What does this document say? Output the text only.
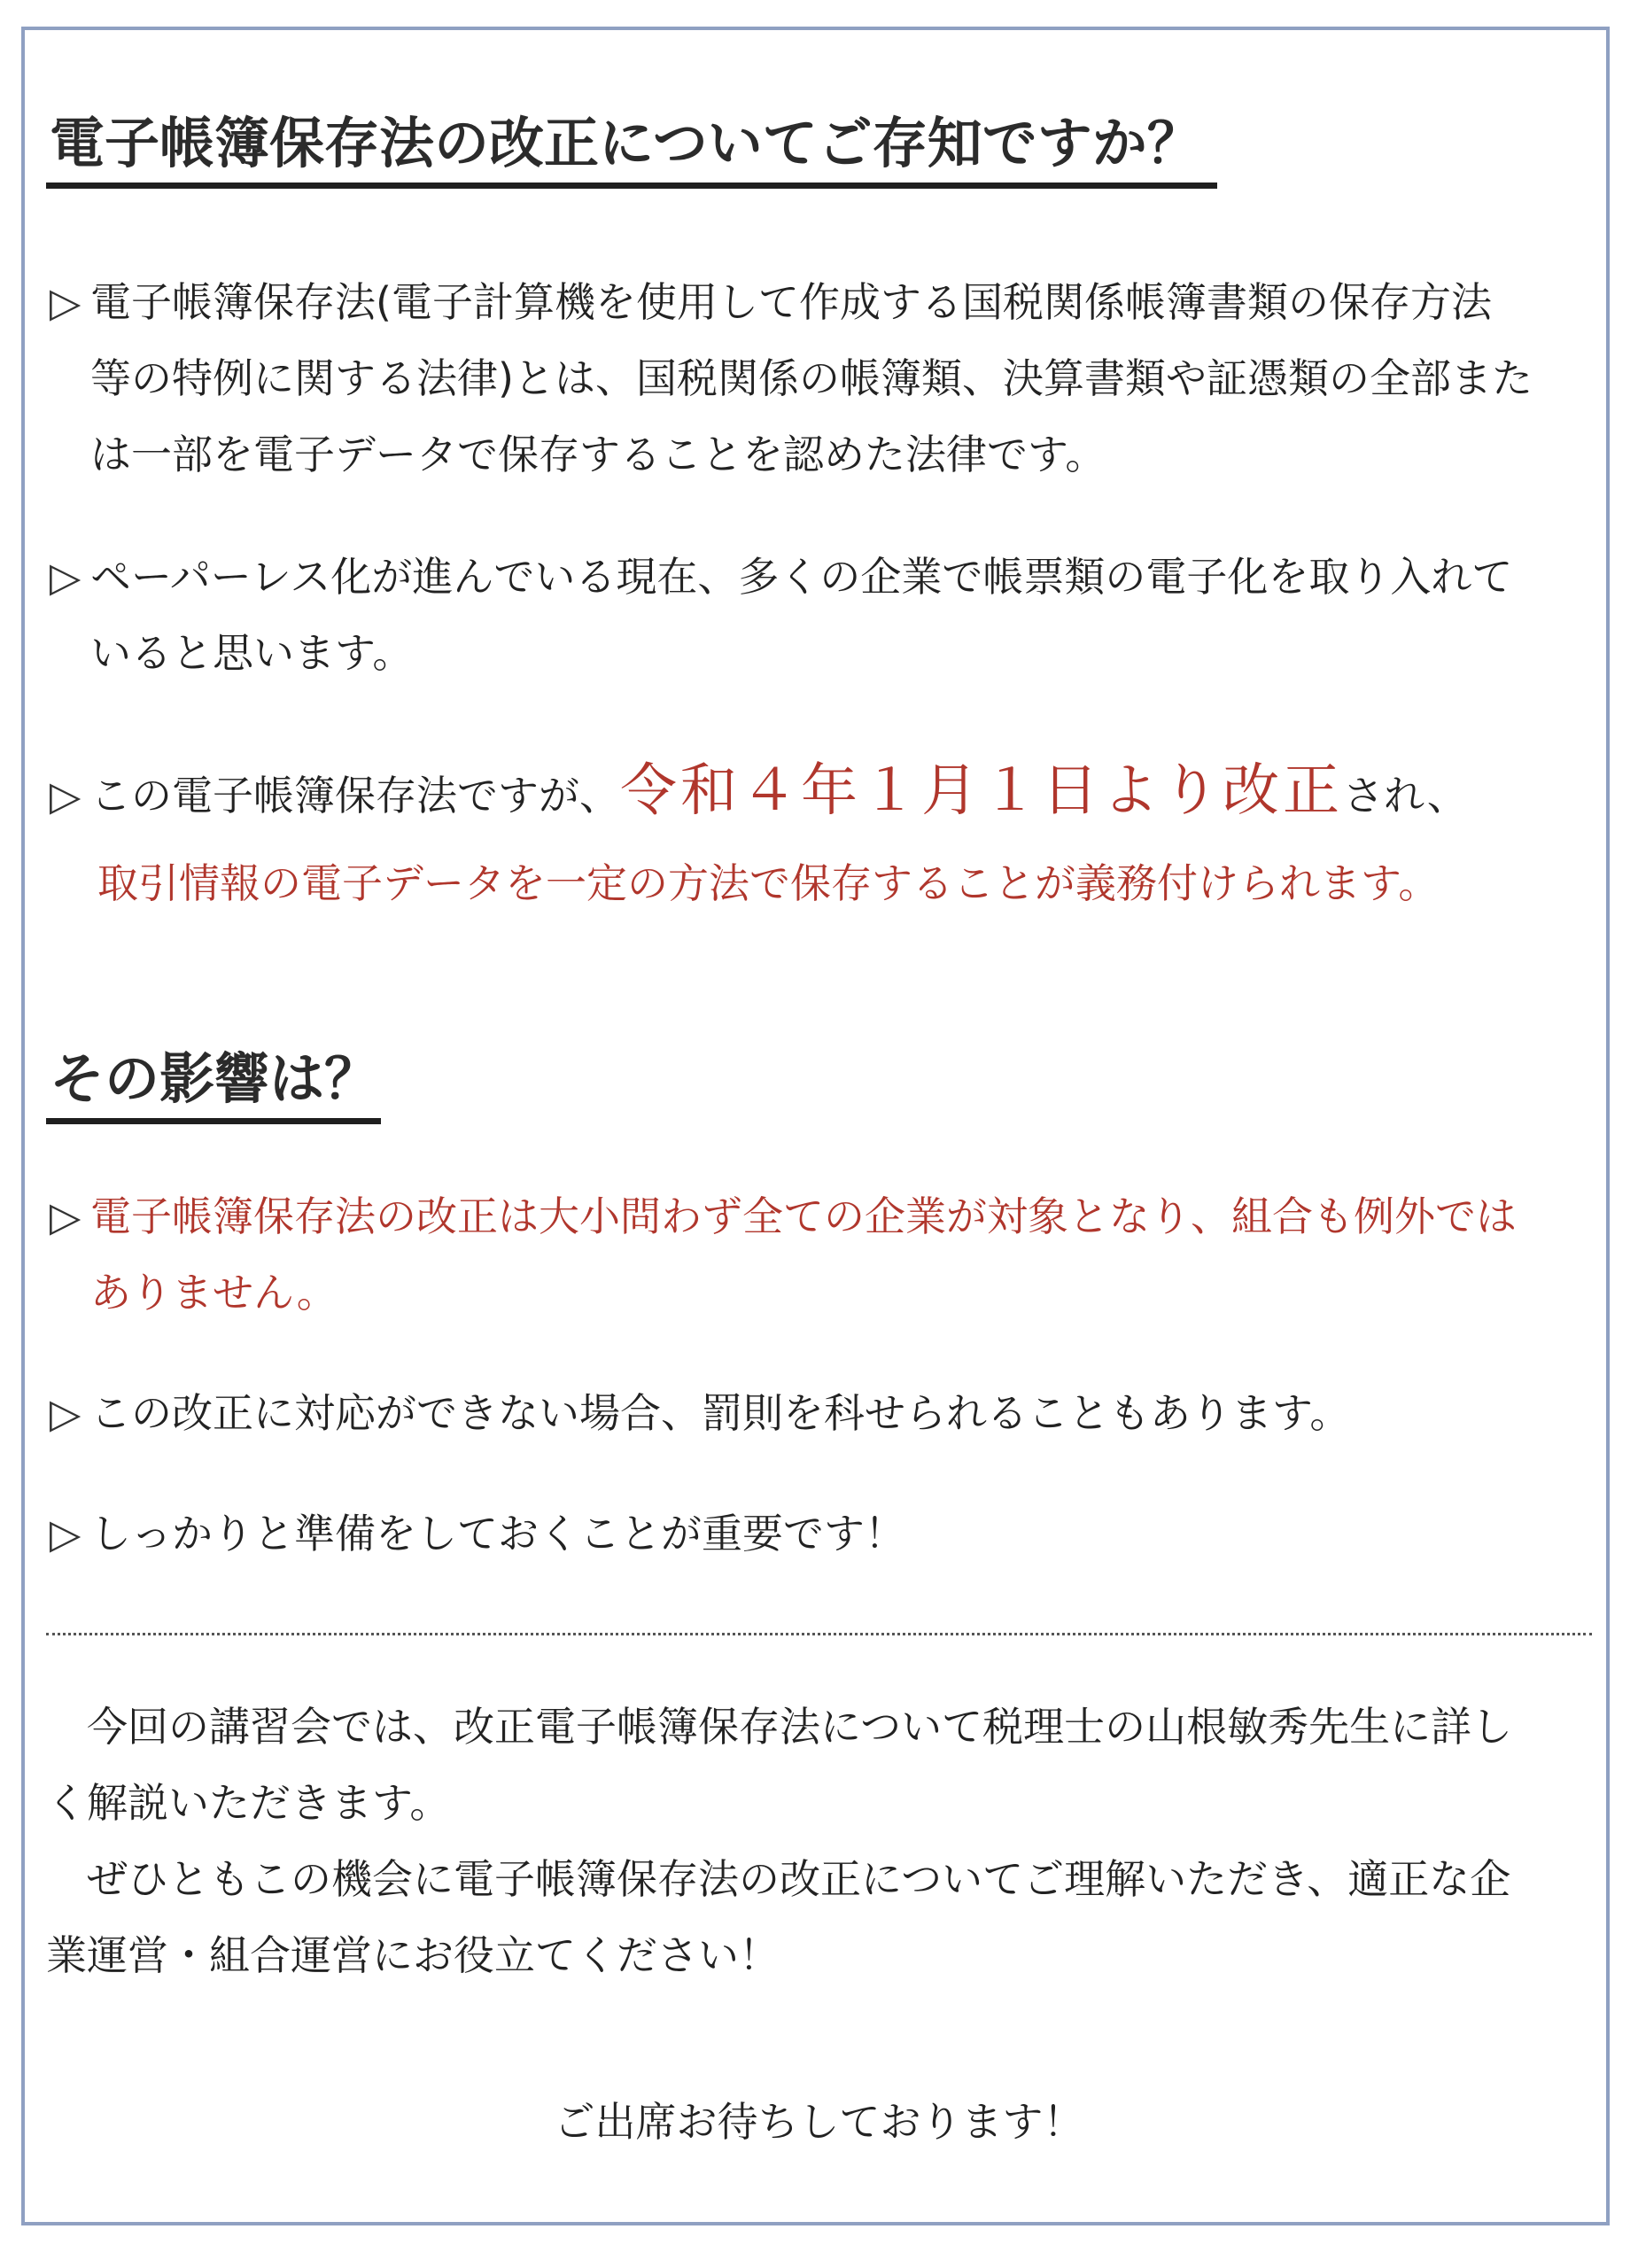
電子帳簿保存法の改正についてご存知ですか？

▷ 電子帳簿保存法(電子計算機を使用して作成する国税関係帳簿書類の保存方法

等の特例に関する法律)とは、国税関係の帳簿類、決算書類や証憑類の全部また

は一部を電子データで保存することを認めた法律です。

▷ ペーパーレス化が進んでいる現在、多くの企業で帳票類の電子化を取り入れて

いると思います。

▷ この電子帳簿保存法ですが、令和４年１月１日より改正され、

取引情報の電子データを一定の方法で保存することが義務付けられます。

その影響は？

▷ 電子帳簿保存法の改正は大小問わず全ての企業が対象となり、組合も例外では

ありません。

▷ この改正に対応ができない場合、罰則を科せられることもあります。

▷ しっかりと準備をしておくことが重要です！

　今回の講習会では、改正電子帳簿保存法について税理士の山根敏秀先生に詳し

く解説いただきます。

　ぜひともこの機会に電子帳簿保存法の改正についてご理解いただき、適正な企

業運営・組合運営にお役立てください！

ご出席お待ちしております！
